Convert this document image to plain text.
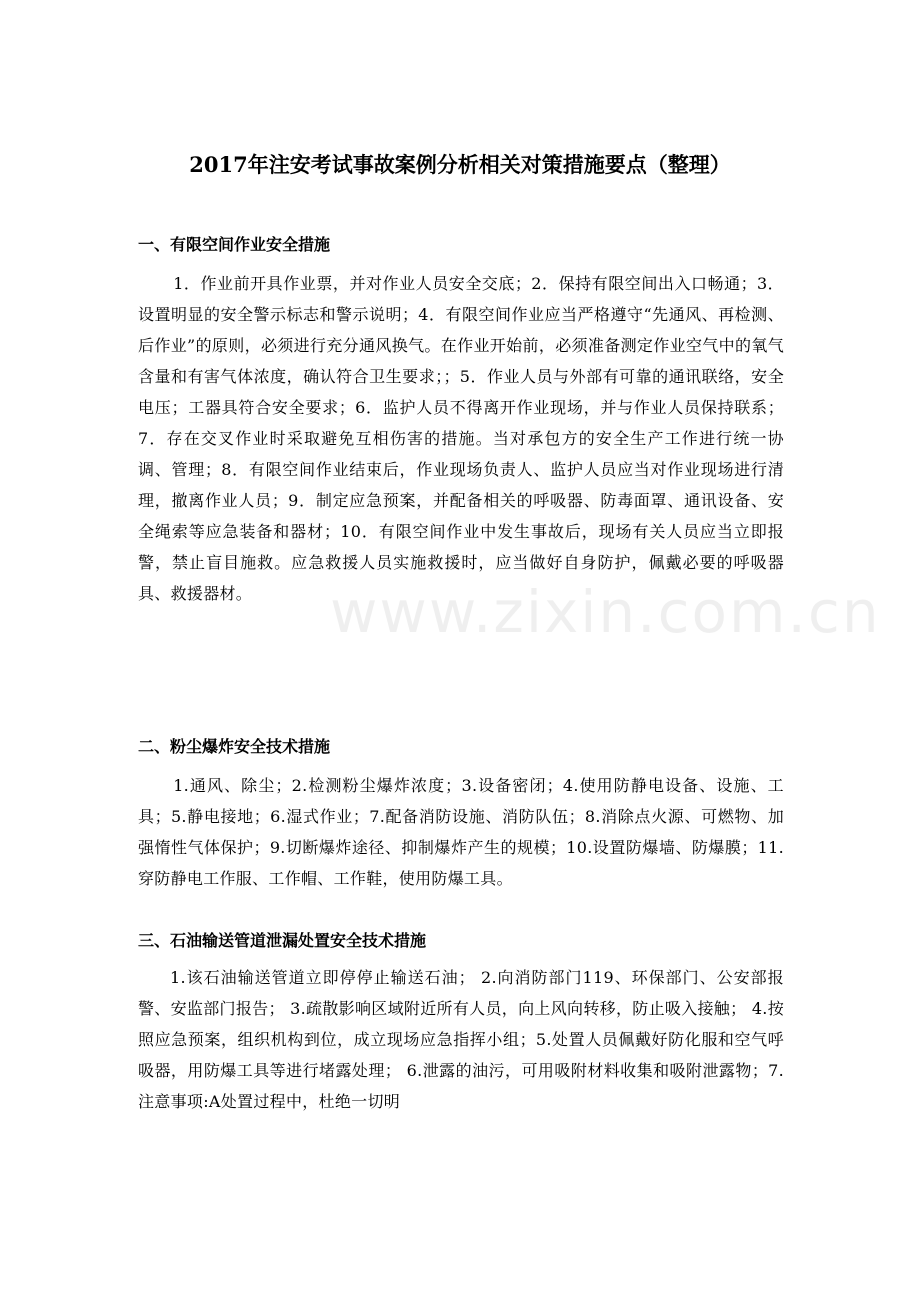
2017年注安考试事故案例分析相关对策措施要点（整理）
一、有限空间作业安全措施
1．作业前开具作业票，并对作业人员安全交底；2．保持有限空间出入口畅通；3．设置明显的安全警示标志和警示说明；4．有限空间作业应当严格遵守“先通风、再检测、后作业”的原则，必须进行充分通风换气。在作业开始前，必须准备测定作业空气中的氧气含量和有害气体浓度，确认符合卫生要求；；5．作业人员与外部有可靠的通讯联络，安全电压；工器具符合安全要求；6．监护人员不得离开作业现场，并与作业人员保持联系；7．存在交叉作业时采取避免互相伤害的措施。当对承包方的安全生产工作进行统一协调、管理；8．有限空间作业结束后，作业现场负责人、监护人员应当对作业现场进行清理，撤离作业人员；9．制定应急预案，并配备相关的呼吸器、防毒面罩、通讯设备、安全绳索等应急装备和器材；10．有限空间作业中发生事故后，现场有关人员应当立即报警，禁止盲目施救。应急救援人员实施救援时，应当做好自身防护，佩戴必要的呼吸器具、救援器材。
二、粉尘爆炸安全技术措施
1.通风、除尘；2.检测粉尘爆炸浓度；3.设备密闭；4.使用防静电设备、设施、工具；5.静电接地；6.湿式作业；7.配备消防设施、消防队伍；8.消除点火源、可燃物、加强惰性气体保护；9.切断爆炸途径、抑制爆炸产生的规模；10.设置防爆墙、防爆膜；11.穿防静电工作服、工作帽、工作鞋，使用防爆工具。
三、石油输送管道泄漏处置安全技术措施
1.该石油输送管道立即停停止输送石油； 2.向消防部门119、环保部门、公安部报警、安监部门报告； 3.疏散影响区域附近所有人员，向上风向转移，防止吸入接触； 4.按照应急预案，组织机构到位，成立现场应急指挥小组；5.处置人员佩戴好防化服和空气呼吸器，用防爆工具等进行堵露处理； 6.泄露的油污，可用吸附材料收集和吸附泄露物；7.注意事项:A处置过程中，杜绝一切明
www.zixin.com.cn
